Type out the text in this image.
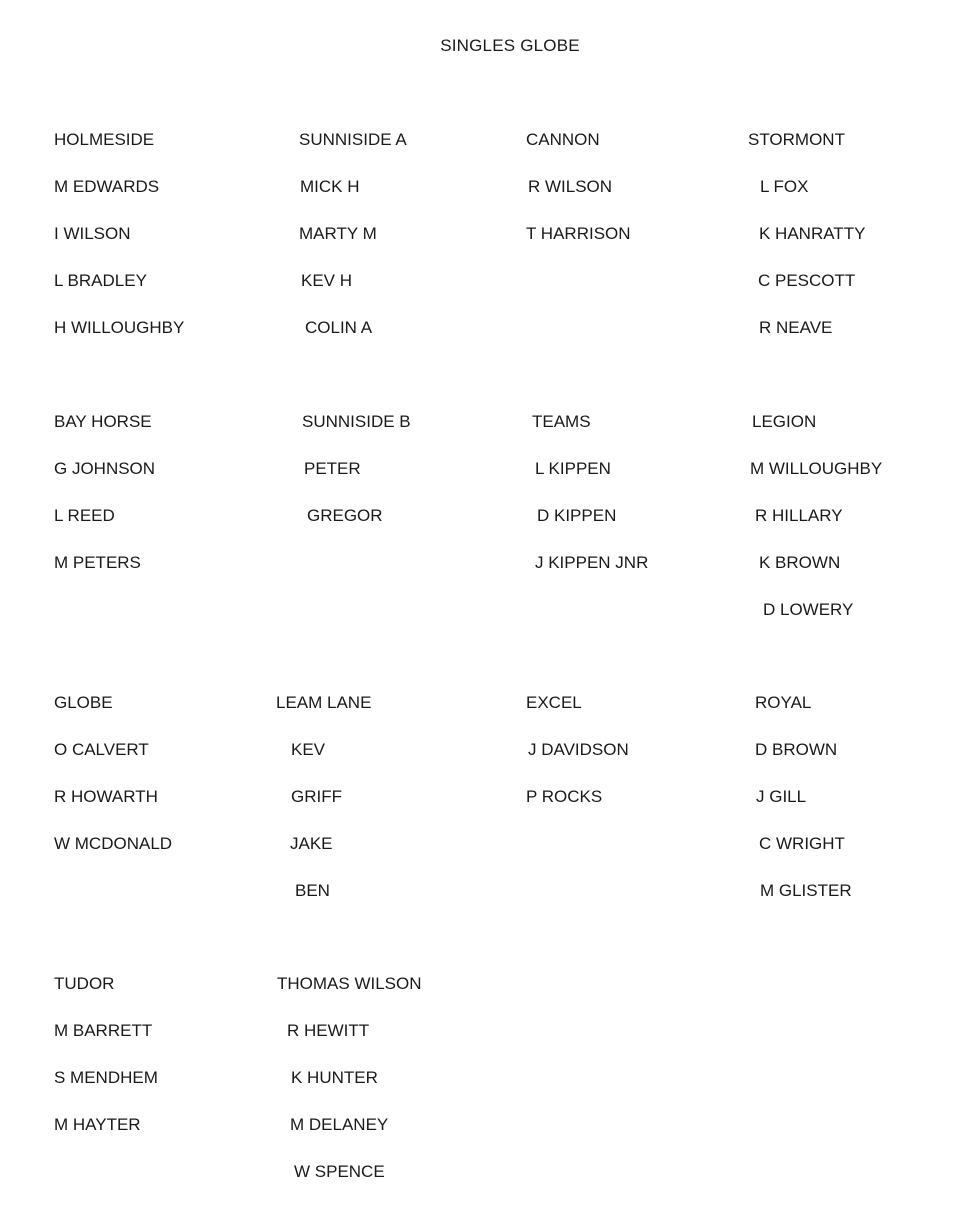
SINGLES GLOBE
HOLMESIDE
M EDWARDS
I WILSON
L BRADLEY
H WILLOUGHBY
SUNNISIDE A
MICK H
MARTY M
KEV H
COLIN A
CANNON
R WILSON
T HARRISON
STORMONT
L FOX
K HANRATTY
C PESCOTT
R NEAVE
BAY HORSE
G JOHNSON
L REED
M PETERS
SUNNISIDE B
PETER
GREGOR
TEAMS
L KIPPEN
D KIPPEN
J KIPPEN JNR
LEGION
M WILLOUGHBY
R HILLARY
K BROWN
D LOWERY
GLOBE
O CALVERT
R HOWARTH
W MCDONALD
LEAM LANE
KEV
GRIFF
JAKE
BEN
EXCEL
J DAVIDSON
P ROCKS
ROYAL
D BROWN
J GILL
C WRIGHT
M GLISTER
TUDOR
M BARRETT
S MENDHEM
M HAYTER
THOMAS WILSON
R HEWITT
K HUNTER
M DELANEY
W SPENCE
